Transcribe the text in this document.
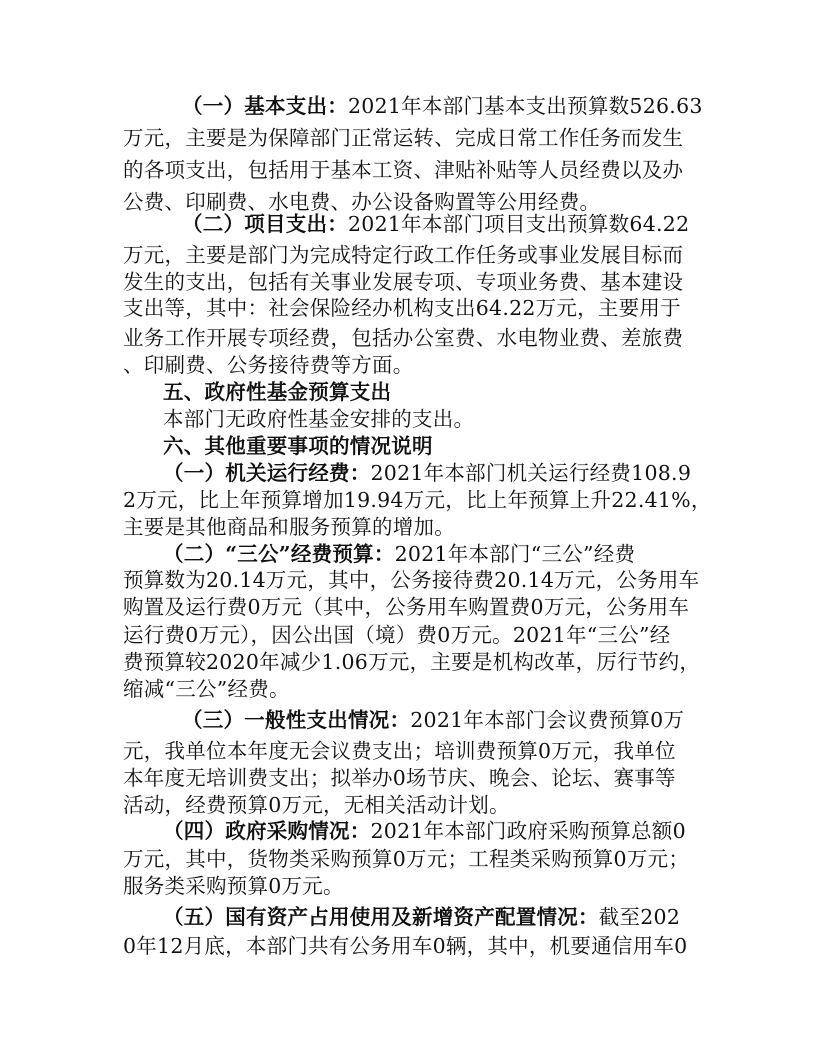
（一）基本支出：2021年本部门基本支出预算数526.63

万元，主要是为保障部门正常运转、完成日常工作任务而发生

的各项支出，包括用于基本工资、津贴补贴等人员经费以及办

公费、印刷费、水电费、办公设备购置等公用经费。

（二）项目支出：2021年本部门项目支出预算数64.22

万元，主要是部门为完成特定行政工作任务或事业发展目标而

发生的支出，包括有关事业发展专项、专项业务费、基本建设

支出等，其中：社会保险经办机构支出64.22万元，主要用于

业务工作开展专项经费，包括办公室费、水电物业费、差旅费

、印刷费、公务接待费等方面。

五、政府性基金预算支出

本部门无政府性基金安排的支出。

六、其他重要事项的情况说明

（一）机关运行经费：2021年本部门机关运行经费108.9

2万元，比上年预算增加19.94万元，比上年预算上升22.41%，

主要是其他商品和服务预算的增加。

（二）“三公”经费预算：2021年本部门“三公”经费

预算数为20.14万元，其中，公务接待费20.14万元，公务用车

购置及运行费0万元（其中，公务用车购置费0万元，公务用车

运行费0万元），因公出国（境）费0万元。2021年“三公”经

费预算较2020年减少1.06万元，主要是机构改革，厉行节约，

缩减“三公”经费。

（三）一般性支出情况：2021年本部门会议费预算0万

元，我单位本年度无会议费支出；培训费预算0万元，我单位

本年度无培训费支出；拟举办0场节庆、晚会、论坛、赛事等

活动，经费预算0万元，无相关活动计划。

（四）政府采购情况：2021年本部门政府采购预算总额0

万元，其中，货物类采购预算0万元；工程类采购预算0万元；

服务类采购预算0万元。

（五）国有资产占用使用及新增资产配置情况：截至202

0年12月底，本部门共有公务用车0辆，其中，机要通信用车0
